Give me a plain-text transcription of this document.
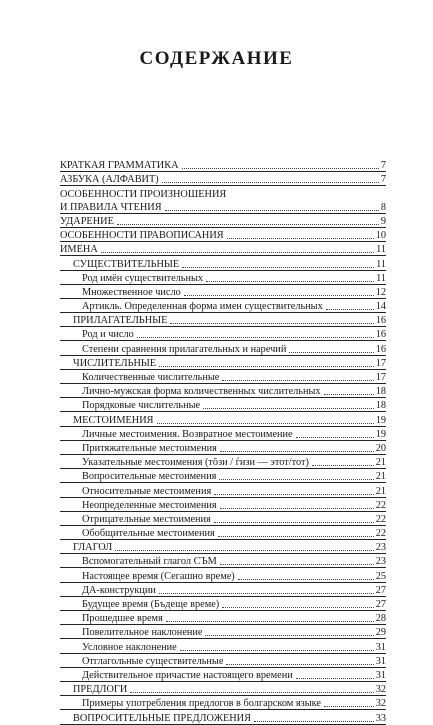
СОДЕРЖАНИЕ
КРАТКАЯ ГРАММАТИКА	7
АЗБУКА (АЛФАВИТ)	7
ОСОБЕННОСТИ ПРОИЗНОШЕНИЯ
И ПРАВИЛА ЧТЕНИЯ	8
УДАРЕНИЕ	9
ОСОБЕННОСТИ ПРАВОПИСАНИЯ	10
ИМЕНА	11
СУЩЕСТВИТЕЛЬНЫЕ	11
Род имён существительных	11
Множественное число	12
Артикль. Определенная форма имен существительных	14
ПРИЛАГАТЕЛЬНЫЕ	16
Род и число	16
Степени сравнения прилагательных и наречий	16
ЧИСЛИТЕЛЬНЫЕ	17
Количественные числительные	17
Лично-мужская форма количественных числительных	18
Порядковые числительные	18
МЕСТОИМЕНИЯ	19
Личные местоимения. Возвратное местоимение	19
Притяжательные местоимения	20
Указательные местоимения (тõзи / ѓизи — этот/тот)	21
Вопросительные местоимения	21
Относительные местоимения	21
Неопределенные местоимения	22
Отрицательные местоимения	22
Обобщительные местоимения	22
ГЛАГОЛ	23
Вспомогательный глагол СЪМ	23
Настоящее время (Сегашно време)	25
ДА-конструкции	27
Будущее время (Бъдеще време)	27
Прошедшее время	28
Повелительное наклонение	29
Условное наклонение	31
Отглагольные существительные	31
Действительное причастие настоящего времени	31
ПРЕДЛОГИ	32
Примеры употребления предлогов в болгарском языке	32
ВОПРОСИТЕЛЬНЫЕ ПРЕДЛОЖЕНИЯ	33
